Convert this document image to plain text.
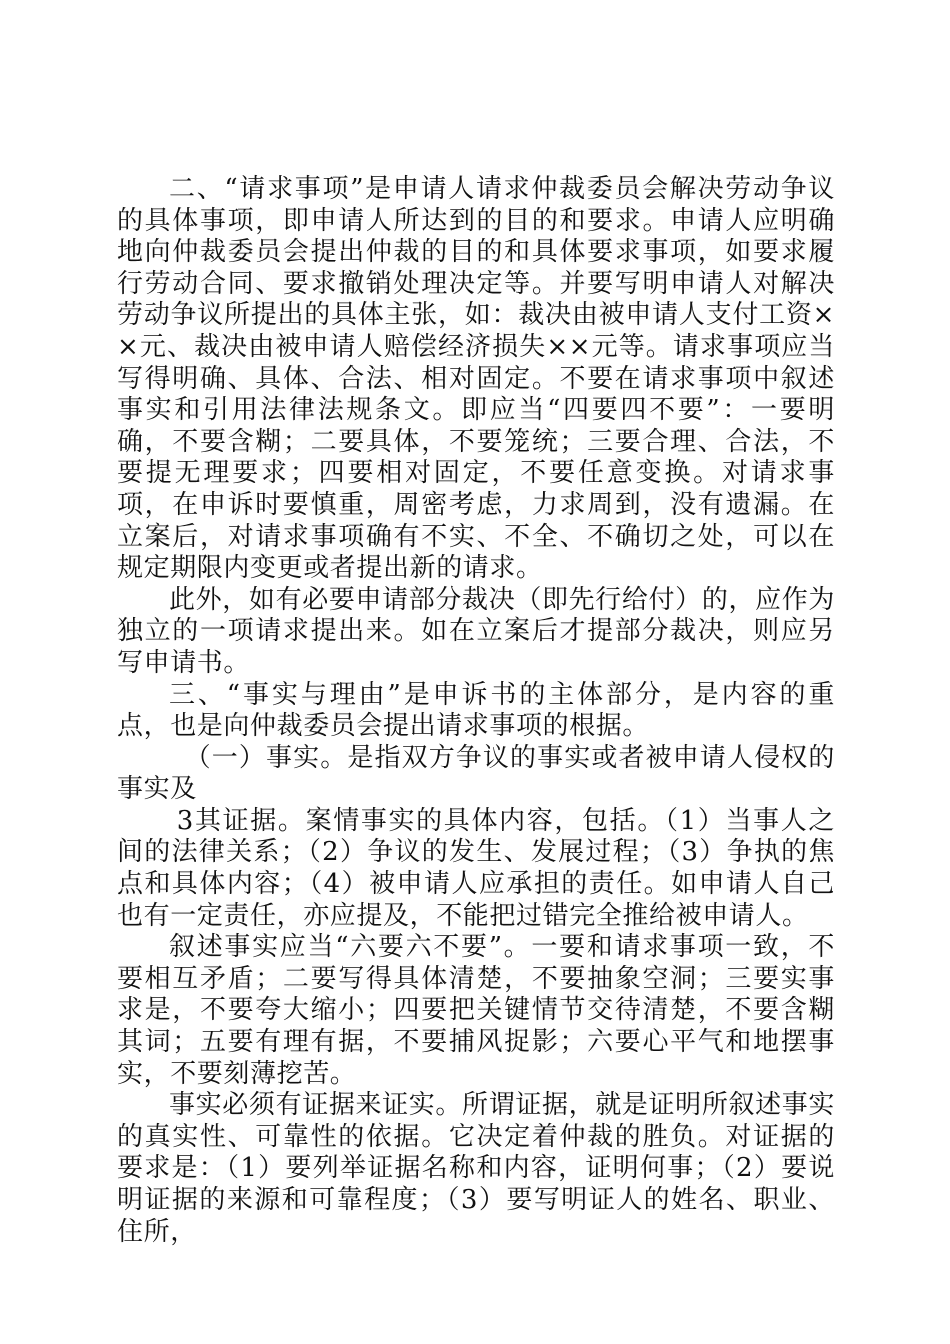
二、“请求事项”是申请人请求仲裁委员会解决劳动争议的具体事项，即申请人所达到的目的和要求。申请人应明确地向仲裁委员会提出仲裁的目的和具体要求事项，如要求履行劳动合同、要求撤销处理决定等。并要写明申请人对解决劳动争议所提出的具体主张，如：裁决由被申请人支付工资××元、裁决由被申请人赔偿经济损失××元等。请求事项应当写得明确、具体、合法、相对固定。不要在请求事项中叙述事实和引用法律法规条文。即应当“四要四不要”：一要明确，不要含糊；二要具体，不要笼统；三要合理、合法，不要提无理要求；四要相对固定，不要任意变换。对请求事项，在申诉时要慎重，周密考虑，力求周到，没有遗漏。在立案后，对请求事项确有不实、不全、不确切之处，可以在规定期限内变更或者提出新的请求。

此外，如有必要申请部分裁决（即先行给付）的，应作为独立的一项请求提出来。如在立案后才提部分裁决，则应另写申请书。

三、“事实与理由”是申诉书的主体部分，是内容的重点，也是向仲裁委员会提出请求事项的根据。

（一）事实。是指双方争议的事实或者被申请人侵权的事实及

3其证据。案情事实的具体内容，包括。（1）当事人之间的法律关系；（2）争议的发生、发展过程；（3）争执的焦点和具体内容；（4）被申请人应承担的责任。如申请人自己也有一定责任，亦应提及，不能把过错完全推给被申请人。

叙述事实应当“六要六不要”。一要和请求事项一致，不要相互矛盾；二要写得具体清楚，不要抽象空洞；三要实事求是，不要夸大缩小；四要把关键情节交待清楚，不要含糊其词；五要有理有据，不要捕风捉影；六要心平气和地摆事实，不要刻薄挖苦。

事实必须有证据来证实。所谓证据，就是证明所叙述事实的真实性、可靠性的依据。它决定着仲裁的胜负。对证据的要求是：（1）要列举证据名称和内容，证明何事；（2）要说明证据的来源和可靠程度；（3）要写明证人的姓名、职业、住所，
